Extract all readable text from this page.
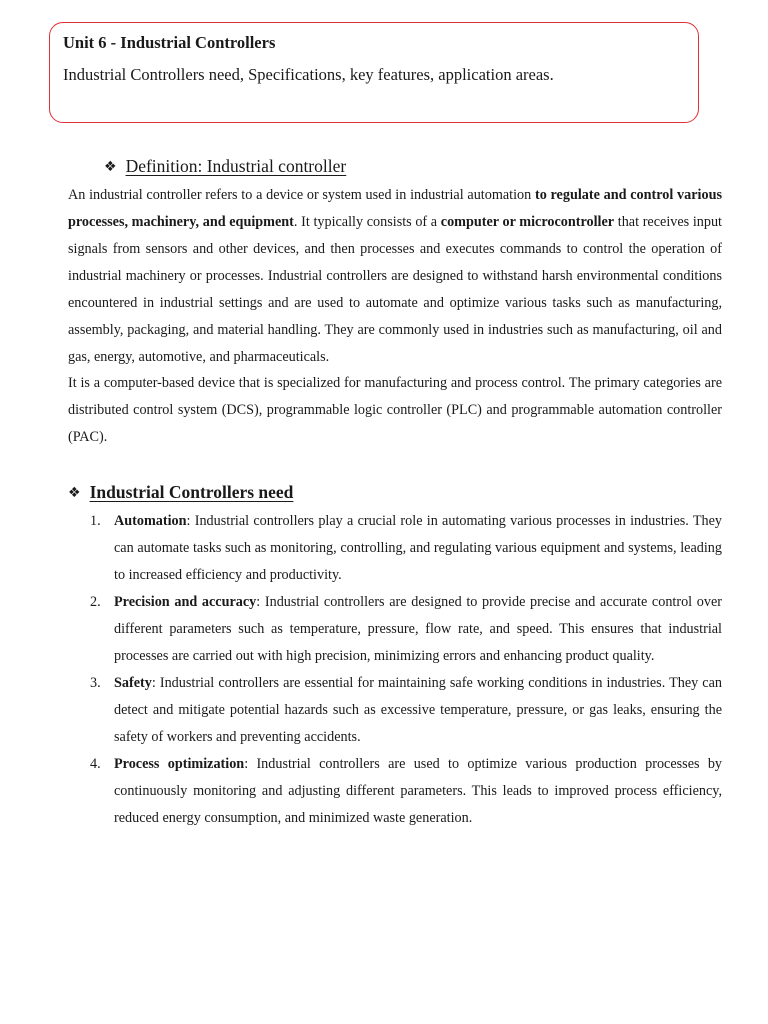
Unit 6 - Industrial Controllers

Industrial Controllers need, Specifications, key features, application areas.

❖ Definition: Industrial controller

An industrial controller refers to a device or system used in industrial automation to regulate and control various processes, machinery, and equipment. It typically consists of a computer or microcontroller that receives input signals from sensors and other devices, and then processes and executes commands to control the operation of industrial machinery or processes. Industrial controllers are designed to withstand harsh environmental conditions encountered in industrial settings and are used to automate and optimize various tasks such as manufacturing, assembly, packaging, and material handling. They are commonly used in industries such as manufacturing, oil and gas, energy, automotive, and pharmaceuticals.

It is a computer-based device that is specialized for manufacturing and process control. The primary categories are distributed control system (DCS), programmable logic controller (PLC) and programmable automation controller (PAC).

❖ Industrial Controllers need
1. Automation: Industrial controllers play a crucial role in automating various processes in industries. They can automate tasks such as monitoring, controlling, and regulating various equipment and systems, leading to increased efficiency and productivity.
2. Precision and accuracy: Industrial controllers are designed to provide precise and accurate control over different parameters such as temperature, pressure, flow rate, and speed. This ensures that industrial processes are carried out with high precision, minimizing errors and enhancing product quality.
3. Safety: Industrial controllers are essential for maintaining safe working conditions in industries. They can detect and mitigate potential hazards such as excessive temperature, pressure, or gas leaks, ensuring the safety of workers and preventing accidents.
4. Process optimization: Industrial controllers are used to optimize various production processes by continuously monitoring and adjusting different parameters. This leads to improved process efficiency, reduced energy consumption, and minimized waste generation.
